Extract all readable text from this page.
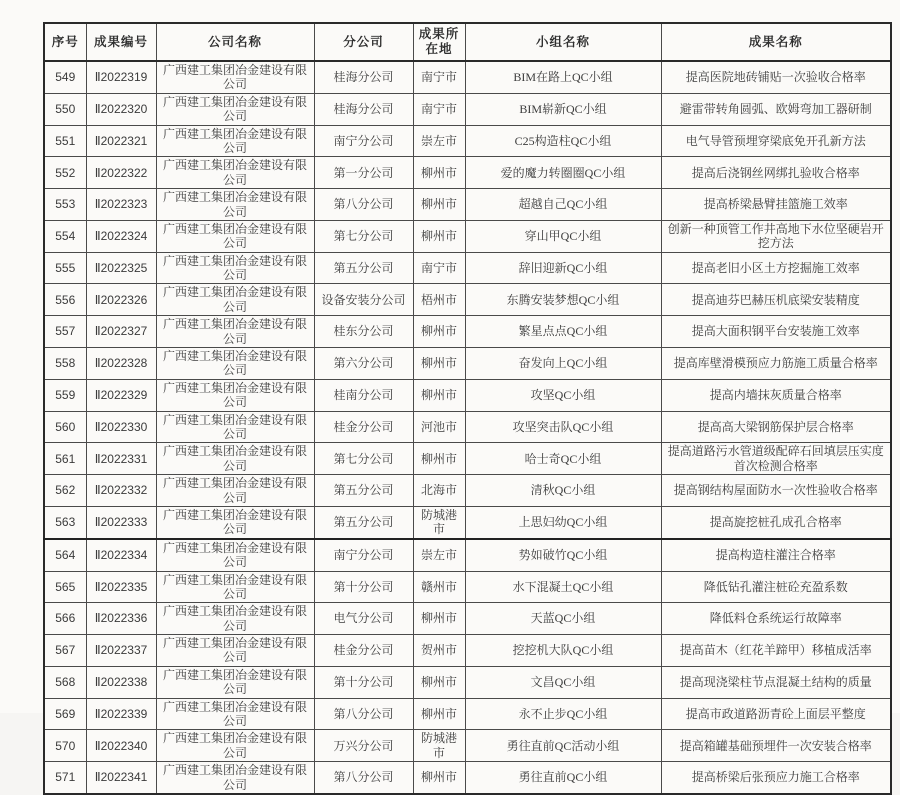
序号	成果编号	公司名称	分公司	成果所在地	小组名称	成果名称
549	Ⅱ2022319	广西建工集团冶金建设有限公司	桂海分公司	南宁市	BIM在路上QC小组	提高医院地砖铺贴一次验收合格率
550	Ⅱ2022320	广西建工集团冶金建设有限公司	桂海分公司	南宁市	BIM崭新QC小组	避雷带转角圆弧、欧姆弯加工器研制
551	Ⅱ2022321	广西建工集团冶金建设有限公司	南宁分公司	崇左市	C25构造柱QC小组	电气导管预埋穿梁底免开孔新方法
552	Ⅱ2022322	广西建工集团冶金建设有限公司	第一分公司	柳州市	爱的魔力转圈圈QC小组	提高后浇钢丝网绑扎验收合格率
553	Ⅱ2022323	广西建工集团冶金建设有限公司	第八分公司	柳州市	超越自己QC小组	提高桥梁悬臂挂篮施工效率
554	Ⅱ2022324	广西建工集团冶金建设有限公司	第七分公司	柳州市	穿山甲QC小组	创新一种顶管工作井高地下水位坚硬岩开挖方法
555	Ⅱ2022325	广西建工集团冶金建设有限公司	第五分公司	南宁市	辞旧迎新QC小组	提高老旧小区土方挖掘施工效率
556	Ⅱ2022326	广西建工集团冶金建设有限公司	设备安装分公司	梧州市	东腾安装梦想QC小组	提高迪芬巴赫压机底梁安装精度
557	Ⅱ2022327	广西建工集团冶金建设有限公司	桂东分公司	柳州市	繁星点点QC小组	提高大面积钢平台安装施工效率
558	Ⅱ2022328	广西建工集团冶金建设有限公司	第六分公司	柳州市	奋发向上QC小组	提高库壁滑模预应力筋施工质量合格率
559	Ⅱ2022329	广西建工集团冶金建设有限公司	桂南分公司	柳州市	攻坚QC小组	提高内墙抹灰质量合格率
560	Ⅱ2022330	广西建工集团冶金建设有限公司	桂金分公司	河池市	攻坚突击队QC小组	提高高大梁钢筋保护层合格率
561	Ⅱ2022331	广西建工集团冶金建设有限公司	第七分公司	柳州市	哈士奇QC小组	提高道路污水管道级配碎石回填层压实度首次检测合格率
562	Ⅱ2022332	广西建工集团冶金建设有限公司	第五分公司	北海市	清秋QC小组	提高钢结构屋面防水一次性验收合格率
563	Ⅱ2022333	广西建工集团冶金建设有限公司	第五分公司	防城港市	上思妇幼QC小组	提高旋挖桩孔成孔合格率
564	Ⅱ2022334	广西建工集团冶金建设有限公司	南宁分公司	崇左市	势如破竹QC小组	提高构造柱灌注合格率
565	Ⅱ2022335	广西建工集团冶金建设有限公司	第十分公司	赣州市	水下混凝土QC小组	降低钻孔灌注桩砼充盈系数
566	Ⅱ2022336	广西建工集团冶金建设有限公司	电气分公司	柳州市	天蓝QC小组	降低料仓系统运行故障率
567	Ⅱ2022337	广西建工集团冶金建设有限公司	桂金分公司	贺州市	挖挖机大队QC小组	提高苗木（红花羊蹄甲）移植成活率
568	Ⅱ2022338	广西建工集团冶金建设有限公司	第十分公司	柳州市	文昌QC小组	提高现浇梁柱节点混凝土结构的质量
569	Ⅱ2022339	广西建工集团冶金建设有限公司	第八分公司	柳州市	永不止步QC小组	提高市政道路沥青砼上面层平整度
570	Ⅱ2022340	广西建工集团冶金建设有限公司	万兴分公司	防城港市	勇往直前QC活动小组	提高箱罐基础预埋件一次安装合格率
571	Ⅱ2022341	广西建工集团冶金建设有限公司	第八分公司	柳州市	勇往直前QC小组	提高桥梁后张预应力施工合格率
